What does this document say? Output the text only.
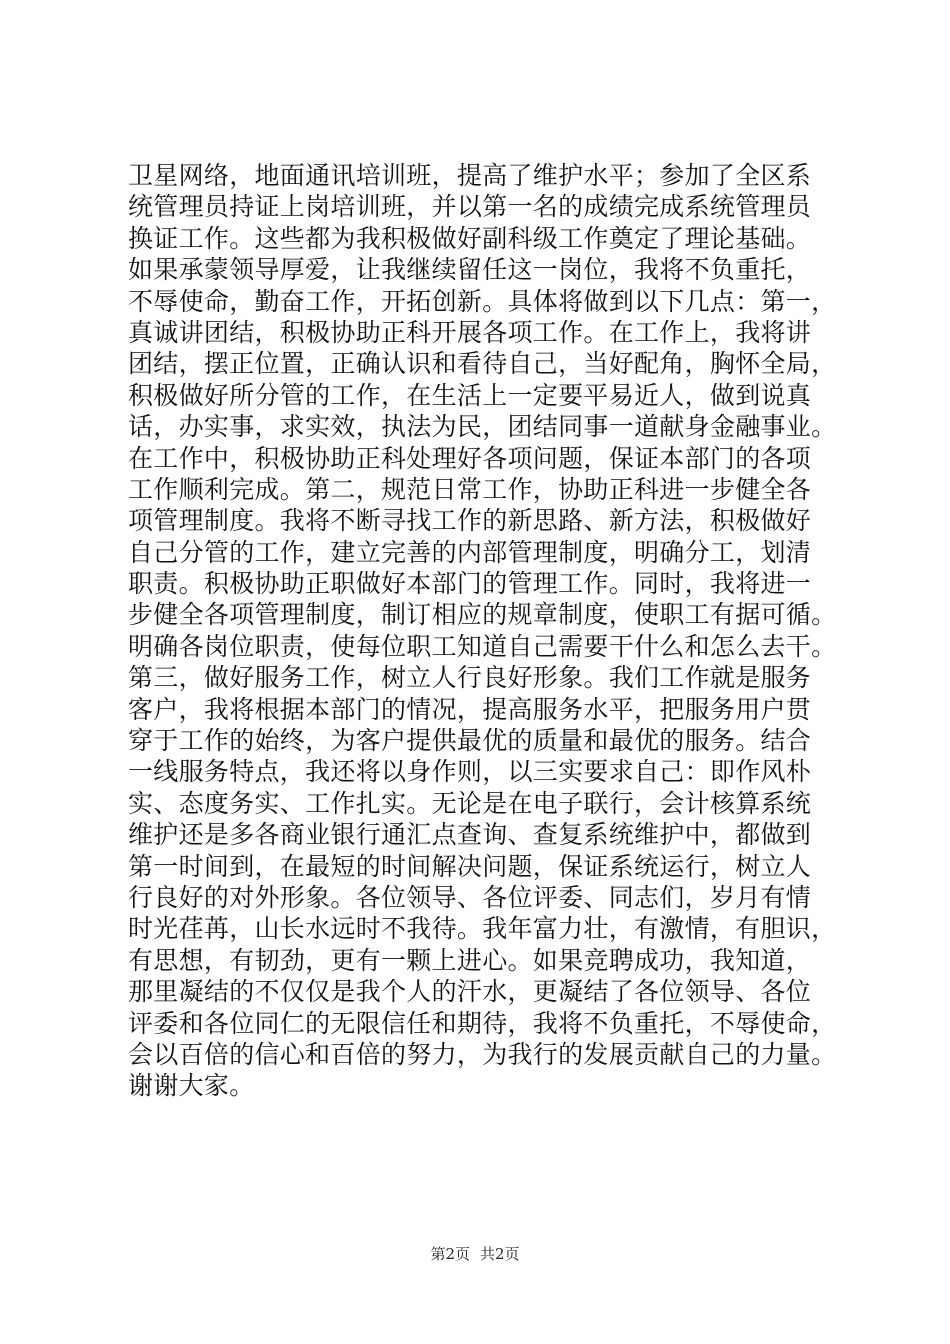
卫星网络，地面通讯培训班，提高了维护水平；参加了全区系
统管理员持证上岗培训班，并以第一名的成绩完成系统管理员
换证工作。这些都为我积极做好副科级工作奠定了理论基础。
如果承蒙领导厚爱，让我继续留任这一岗位，我将不负重托，
不辱使命，勤奋工作，开拓创新。具体将做到以下几点：第一，
真诚讲团结，积极协助正科开展各项工作。在工作上，我将讲
团结，摆正位置，正确认识和看待自己，当好配角，胸怀全局，
积极做好所分管的工作，在生活上一定要平易近人，做到说真
话，办实事，求实效，执法为民，团结同事一道献身金融事业。
在工作中，积极协助正科处理好各项问题，保证本部门的各项
工作顺利完成。第二，规范日常工作，协助正科进一步健全各
项管理制度。我将不断寻找工作的新思路、新方法，积极做好
自己分管的工作，建立完善的内部管理制度，明确分工，划清
职责。积极协助正职做好本部门的管理工作。同时，我将进一
步健全各项管理制度，制订相应的规章制度，使职工有据可循。
明确各岗位职责，使每位职工知道自己需要干什么和怎么去干。
第三，做好服务工作，树立人行良好形象。我们工作就是服务
客户，我将根据本部门的情况，提高服务水平，把服务用户贯
穿于工作的始终，为客户提供最优的质量和最优的服务。结合
一线服务特点，我还将以身作则，以三实要求自己：即作风朴
实、态度务实、工作扎实。无论是在电子联行，会计核算系统
维护还是多各商业银行通汇点查询、查复系统维护中，都做到
第一时间到，在最短的时间解决问题，保证系统运行，树立人
行良好的对外形象。各位领导、各位评委、同志们，岁月有情
时光荏苒，山长水远时不我待。我年富力壮，有激情，有胆识，
有思想，有韧劲，更有一颗上进心。如果竞聘成功，我知道，
那里凝结的不仅仅是我个人的汗水，更凝结了各位领导、各位
评委和各位同仁的无限信任和期待，我将不负重托，不辱使命，
会以百倍的信心和百倍的努力，为我行的发展贡献自己的力量。
谢谢大家。
第2页 共2页
